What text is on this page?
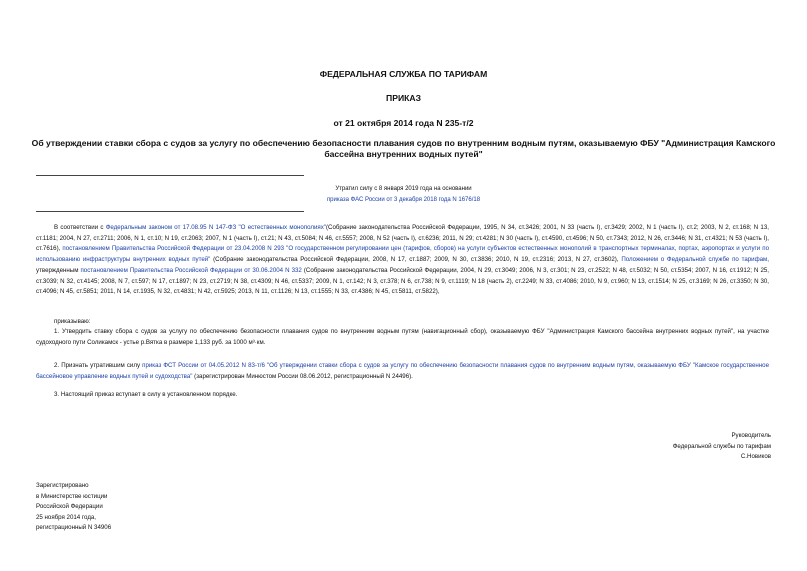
ФЕДЕРАЛЬНАЯ СЛУЖБА ПО ТАРИФАМ
ПРИКАЗ
от 21 октября 2014 года N 235-т/2
Об утверждении ставки сбора с судов за услугу по обеспечению безопасности плавания судов по внутренним водным путям, оказываемую ФБУ "Администрация Камского бассейна внутренних водных путей"
Утратил силу с 8 января 2019 года на основании
приказа ФАС России от 3 декабря 2018 года N 1676/18
В соответствии с Федеральным законом от 17.08.95 N 147-ФЗ "О естественных монополиях"(Собрание законодательства Российской Федерации, 1995, N 34, ст.3426; 2001, N 33 (часть I), ст.3429; 2002, N 1 (часть I), ст.2; 2003, N 2, ст.168; N 13, ст.1181; 2004, N 27, ст.2711; 2006, N 1, ст.10; N 19, ст.2063; 2007, N 1 (часть I), ст.21; N 43, ст.5084; N 46, ст.5557; 2008, N 52 (часть I), ст.6236; 2011, N 29; ст.4281; N 30 (часть I), ст.4590, ст.4596; N 50, ст.7343; 2012, N 26, ст.3446; N 31, ст.4321; N 53 (часть I), ст.7616), постановлением Правительства Российской Федерации от 23.04.2008 N 293 "О государственном регулировании цен (тарифов, сборов) на услуги субъектов естественных монополий в транспортных терминалах, портах, аэропортах и услуги по использованию инфраструктуры внутренних водных путей" (Собрание законодательства Российской Федерации, 2008, N 17, ст.1887; 2009, N 30, ст.3836; 2010, N 19, ст.2316; 2013, N 27, ст.3602), Положением о Федеральной службе по тарифам, утвержденным постановлением Правительства Российской Федерации от 30.06.2004 N 332 (Собрание законодательства Российской Федерации, 2004, N 29, ст.3049; 2006, N 3, ст.301; N 23, ст.2522; N 48, ст.5032; N 50, ст.5354; 2007, N 16, ст.1912; N 25, ст.3039; N 32, ст.4145; 2008, N 7, ст.597; N 17, ст.1897; N 23, ст.2719; N 38, ст.4309; N 46, ст.5337; 2009, N 1, ст.142; N 3, ст.378; N 6, ст.738; N 9, ст.1119; N 18 (часть 2), ст.2249; N 33, ст.4086; 2010, N 9, ст.960; N 13, ст.1514; N 25, ст.3169; N 26, ст.3350; N 30, ст.4096; N 45, ст.5851; 2011, N 14, ст.1935, N 32, ст.4831; N 42, ст.5925; 2013, N 11, ст.1126; N 13, ст.1555; N 33, ст.4386; N 45, ст.5811, ст.5822),
приказываю:
1. Утвердить ставку сбора с судов за услугу по обеспечению безопасности плавания судов по внутренним водным путям (навигационный сбор), оказываемую ФБУ "Администрация Камского бассейна внутренних водных путей", на участке судоходного пути Соликамск - устье р.Вятка в размере 1,133 руб. за 1000 м³·км.
2. Признать утратившим силу приказ ФСТ России от 04.05.2012 N 83-т/6 "Об утверждении ставки сбора с судов за услугу по обеспечению безопасности плавания судов по внутренним водным путям, оказываемую ФБУ "Камское государственное бассейновое управление водных путей и судоходства" (зарегистрирован Минюстом России 08.06.2012, регистрационный N 24496).
3. Настоящий приказ вступает в силу в установленном порядке.
Руководитель
Федеральной службы по тарифам
С.Новиков
Зарегистрировано
в Министерстве юстиции
Российской Федерации
25 ноября 2014 года,
регистрационный N 34906
